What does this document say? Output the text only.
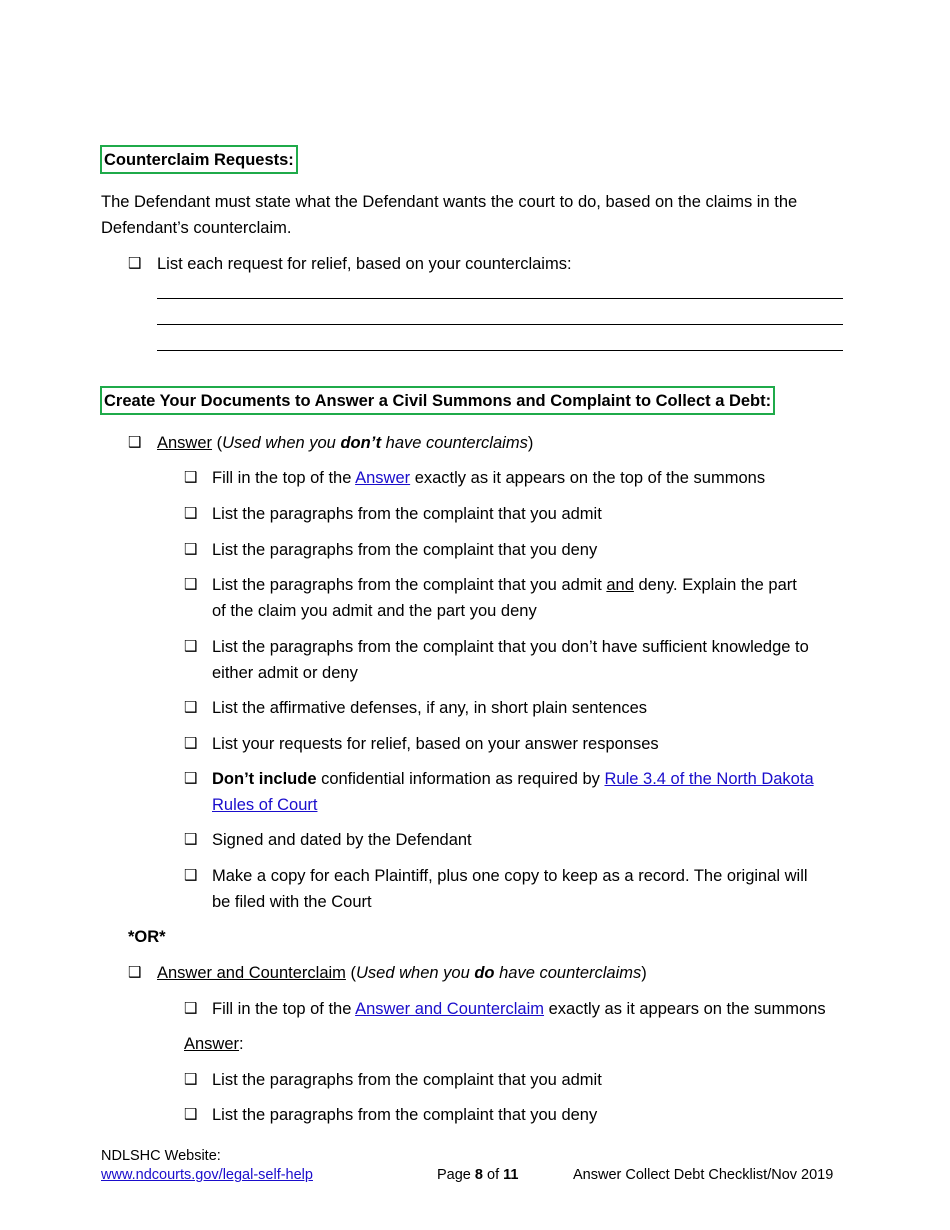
Counterclaim Requests:
The Defendant must state what the Defendant wants the court to do, based on the claims in the Defendant’s counterclaim.
❑ List each request for relief, based on your counterclaims:
Create Your Documents to Answer a Civil Summons and Complaint to Collect a Debt:
❑ Answer (Used when you don’t have counterclaims)
❑ Fill in the top of the Answer exactly as it appears on the top of the summons
❑ List the paragraphs from the complaint that you admit
❑ List the paragraphs from the complaint that you deny
❑ List the paragraphs from the complaint that you admit and deny. Explain the part
of the claim you admit and the part you deny
❑ List the paragraphs from the complaint that you don’t have sufficient knowledge to
either admit or deny
❑ List the affirmative defenses, if any, in short plain sentences
❑ List your requests for relief, based on your answer responses
❑ Don’t include confidential information as required by Rule 3.4 of the North Dakota
Rules of Court
❑ Signed and dated by the Defendant
❑ Make a copy for each Plaintiff, plus one copy to keep as a record. The original will
be filed with the Court
*OR*
❑ Answer and Counterclaim (Used when you do have counterclaims)
❑ Fill in the top of the Answer and Counterclaim exactly as it appears on the summons
Answer:
❑ List the paragraphs from the complaint that you admit
❑ List the paragraphs from the complaint that you deny
NDLSHC Website:
www.ndcourts.gov/legal-self-help	Page 8 of 11	Answer Collect Debt Checklist/Nov 2019
